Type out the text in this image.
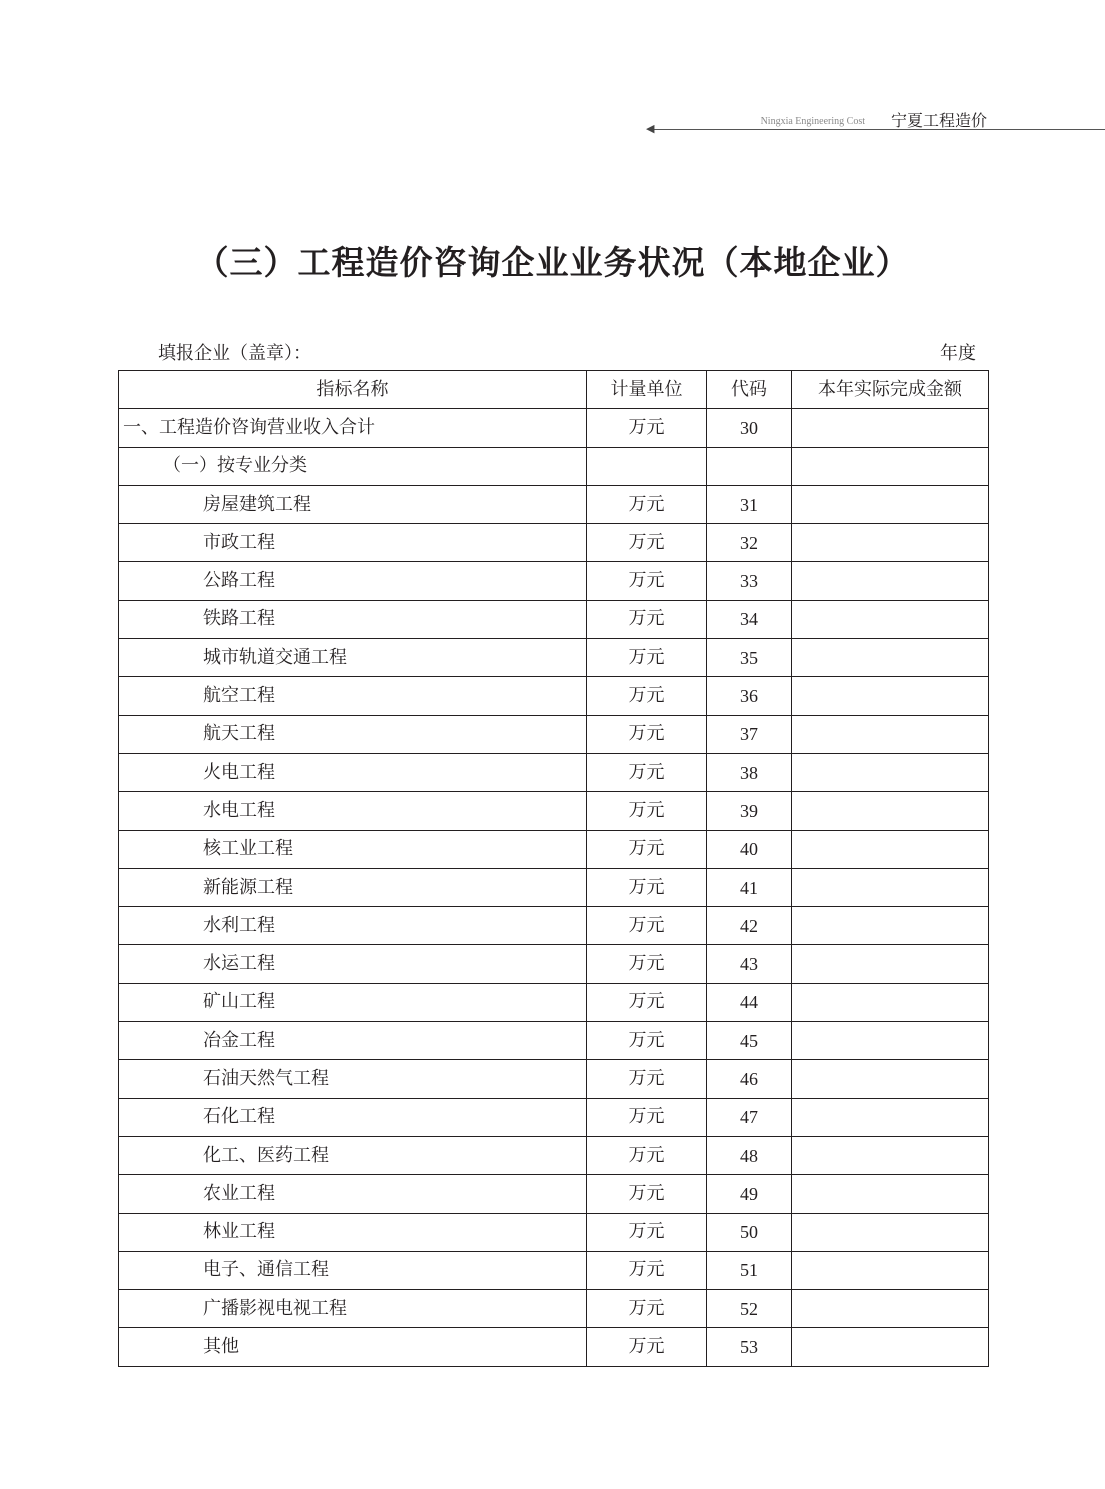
Ningxia Engineering Cost 宁夏工程造价
◀
（三）工程造价咨询企业业务状况（本地企业）
填报企业（盖章）：	年度
指标名称	计量单位	代码	本年实际完成金额
一、工程造价咨询营业收入合计	万元	30	
（一）按专业分类			
房屋建筑工程	万元	31	
市政工程	万元	32	
公路工程	万元	33	
铁路工程	万元	34	
城市轨道交通工程	万元	35	
航空工程	万元	36	
航天工程	万元	37	
火电工程	万元	38	
水电工程	万元	39	
核工业工程	万元	40	
新能源工程	万元	41	
水利工程	万元	42	
水运工程	万元	43	
矿山工程	万元	44	
冶金工程	万元	45	
石油天然气工程	万元	46	
石化工程	万元	47	
化工、医药工程	万元	48	
农业工程	万元	49	
林业工程	万元	50	
电子、通信工程	万元	51	
广播影视电视工程	万元	52	
其他	万元	53	
